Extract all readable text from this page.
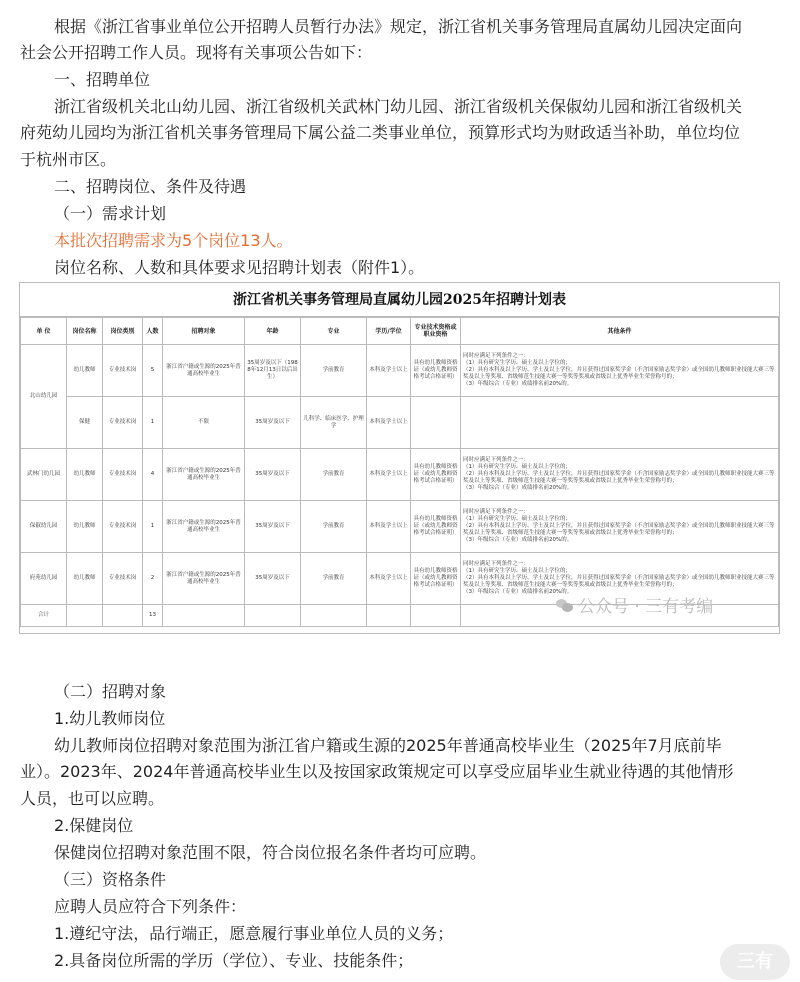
根据《浙江省事业单位公开招聘人员暂行办法》规定，浙江省机关事务管理局直属幼儿园决定面向
社会公开招聘工作人员。现将有关事项公告如下：
一、招聘单位
浙江省级机关北山幼儿园、浙江省级机关武林门幼儿园、浙江省级机关保俶幼儿园和浙江省级机关
府苑幼儿园均为浙江省机关事务管理局下属公益二类事业单位，预算形式均为财政适当补助，单位均位
于杭州市区。
二、招聘岗位、条件及待遇
（一）需求计划
本批次招聘需求为5个岗位13人。
岗位名称、人数和具体要求见招聘计划表（附件1）。
浙江省机关事务管理局直属幼儿园2025年招聘计划表
单 位	岗位名称	岗位类别	人数	招聘对象	年龄	专业	学历/学位	专业技术资格或职业资格	其他条件
北山幼儿园	幼儿教师	专业技术岗	5	浙江省户籍或生源的2025年普通高校毕业生	35周岁及以下（1988年12月13日以后出生）	学前教育	本科及学士以上	具有幼儿教师资格证（或幼儿教师资格考试合格证明）	同时应满足下列条件之一：
（1）具有研究生学历、硕士及以上学位的；
（2）具有本科及以上学历、学士及以上学位，并且获得过国家奖学金（不含国家励志奖学金）或全国幼儿教师职业技能大赛三等奖及以上等奖项、省级师范生技能大赛一等奖等奖项或省级以上优秀毕业生荣誉称号的；
（3）年级综合（专业）成绩排名前20%的。

	保健	专业技术岗	1	不限	35周岁及以下	儿科学、临床医学、护理学	本科及学士以上		
武林门幼儿园	幼儿教师	专业技术岗	4	浙江省户籍或生源的2025年普通高校毕业生	35周岁及以下	学前教育	本科及学士以上	具有幼儿教师资格证（或幼儿教师资格考试合格证明）	同时应满足下列条件之一：
（1）具有研究生学历、硕士及以上学位的；
（2）具有本科及以上学历、学士及以上学位，并且获得过国家奖学金（不含国家励志奖学金）或全国幼儿教师职业技能大赛三等奖及以上等奖项、省级师范生技能大赛一等奖等奖项或省级以上优秀毕业生荣誉称号的；
（3）年级综合（专业）成绩排名前20%的。

保俶幼儿园	幼儿教师	专业技术岗	1	浙江省户籍或生源的2025年普通高校毕业生	35周岁及以下	学前教育	本科及学士以上	具有幼儿教师资格证（或幼儿教师资格考试合格证明）	同时应满足下列条件之一：
（1）具有研究生学历、硕士及以上学位的；
（2）具有本科及以上学历、学士及以上学位，并且获得过国家奖学金（不含国家励志奖学金）或全国幼儿教师职业技能大赛三等奖及以上等奖项、省级师范生技能大赛一等奖等奖项或省级以上优秀毕业生荣誉称号的；
（3）年级综合（专业）成绩排名前20%的。

府苑幼儿园	幼儿教师	专业技术岗	2	浙江省户籍或生源的2025年普通高校毕业生	35周岁及以下	学前教育	本科及学士以上	具有幼儿教师资格证（或幼儿教师资格考试合格证明）	同时应满足下列条件之一：
（1）具有研究生学历、硕士及以上学位的；
（2）具有本科及以上学历、学士及以上学位，并且获得过国家奖学金（不含国家励志奖学金）或全国幼儿教师职业技能大赛三等奖及以上等奖项、省级师范生技能大赛一等奖等奖项或省级以上优秀毕业生荣誉称号的；
（3）年级综合（专业）成绩排名前20%的。

合计			13							公众号 · 三有考编
（二）招聘对象
1.幼儿教师岗位
幼儿教师岗位招聘对象范围为浙江省户籍或生源的2025年普通高校毕业生（2025年7月底前毕
业）。2023年、2024年普通高校毕业生以及按国家政策规定可以享受应届毕业生就业待遇的其他情形
人员，也可以应聘。
2.保健岗位
保健岗位招聘对象范围不限，符合岗位报名条件者均可应聘。
（三）资格条件
应聘人员应符合下列条件：
1.遵纪守法，品行端正，愿意履行事业单位人员的义务；
2.具备岗位所需的学历（学位）、专业、技能条件；	三有
